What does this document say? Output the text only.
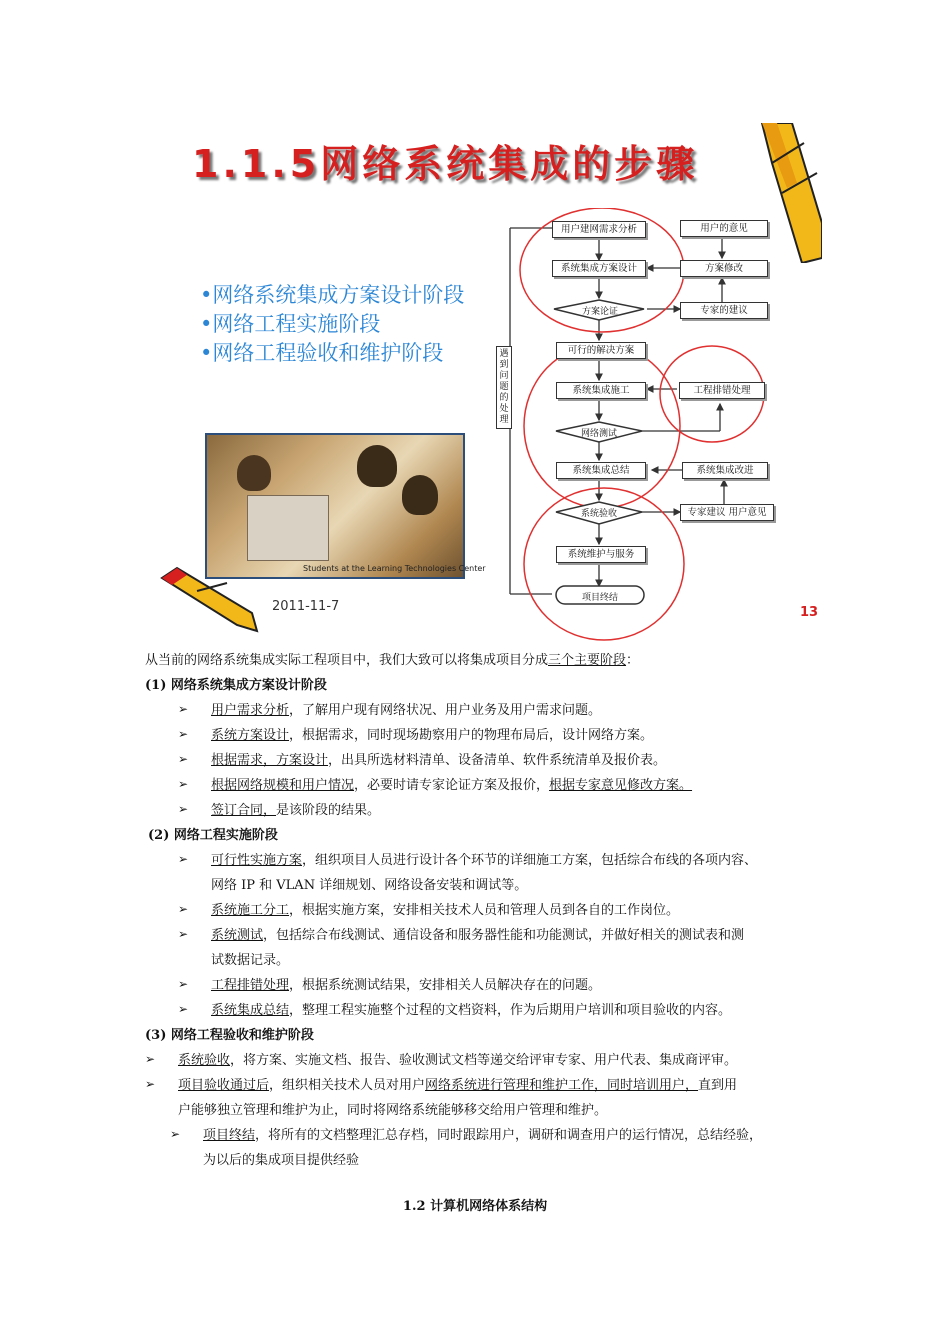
1.1.5网络系统集成的步骤
•网络系统集成方案设计阶段
•网络工程实施阶段
•网络工程验收和维护阶段
Students at the Learning Technologies Center
2011-11-7	13
用户建网需求分析
系统集成方案设计
方案论证
可行的解决方案
系统集成施工
网络测试
系统集成总结
系统验收
系统维护与服务
项目终结
用户的意见
方案修改
专家的建议
工程排错处理
系统集成改进
专家建议 用户意见
遇到问题的处理
从当前的网络系统集成实际工程项目中，我们大致可以将集成项目分成三个主要阶段：
(1) 网络系统集成方案设计阶段
➢ 用户需求分析，了解用户现有网络状况、用户业务及用户需求问题。
➢ 系统方案设计，根据需求，同时现场勘察用户的物理布局后，设计网络方案。
➢ 根据需求，方案设计，出具所选材料清单、设备清单、软件系统清单及报价表。
➢ 根据网络规模和用户情况，必要时请专家论证方案及报价，根据专家意见修改方案。
➢ 签订合同，是该阶段的结果。
(2) 网络工程实施阶段
➢ 可行性实施方案，组织项目人员进行设计各个环节的详细施工方案，包括综合布线的各项内容、
网络 IP 和 VLAN 详细规划、网络设备安装和调试等。
➢ 系统施工分工，根据实施方案，安排相关技术人员和管理人员到各自的工作岗位。
➢ 系统测试，包括综合布线测试、通信设备和服务器性能和功能测试，并做好相关的测试表和测
试数据记录。
➢ 工程排错处理，根据系统测试结果，安排相关人员解决存在的问题。
➢ 系统集成总结，整理工程实施整个过程的文档资料，作为后期用户培训和项目验收的内容。
(3) 网络工程验收和维护阶段
➢ 系统验收，将方案、实施文档、报告、验收测试文档等递交给评审专家、用户代表、集成商评审。
➢ 项目验收通过后，组织相关技术人员对用户网络系统进行管理和维护工作，同时培训用户，直到用
户能够独立管理和维护为止，同时将网络系统能够移交给用户管理和维护。
➢ 项目终结，将所有的文档整理汇总存档，同时跟踪用户，调研和调查用户的运行情况，总结经验，
为以后的集成项目提供经验
1.2 计算机网络体系结构
